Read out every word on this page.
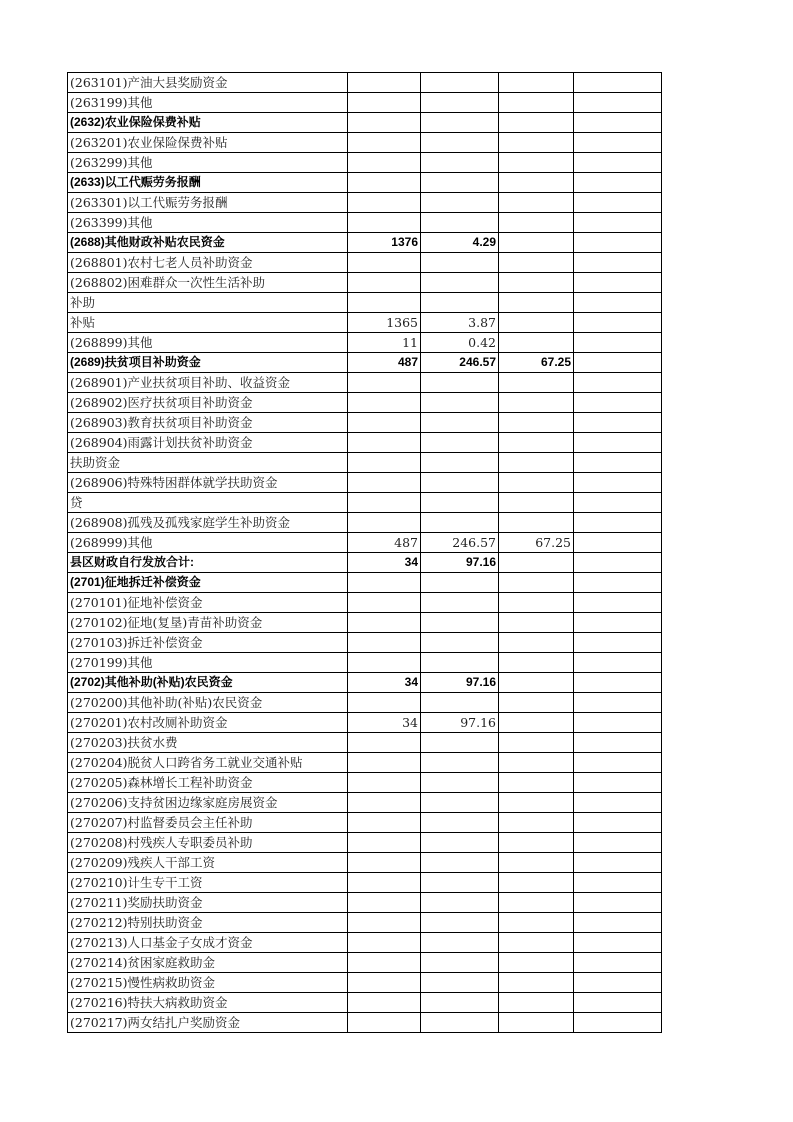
(263101)产油大县奖励资金				
(263199)其他				
(2632)农业保险保费补贴				
(263201)农业保险保费补贴				
(263299)其他				
(2633)以工代赈劳务报酬				
(263301)以工代赈劳务报酬				
(263399)其他				
(2688)其他财政补贴农民资金	1376	4.29		
(268801)农村七老人员补助资金				
(268802)困难群众一次性生活补助				
补助				
补贴	1365	3.87		
(268899)其他	11	0.42		
(2689)扶贫项目补助资金	487	246.57	67.25	
(268901)产业扶贫项目补助、收益资金				
(268902)医疗扶贫项目补助资金				
(268903)教育扶贫项目补助资金				
(268904)雨露计划扶贫补助资金				
扶助资金				
(268906)特殊特困群体就学扶助资金				
贷				
(268908)孤残及孤残家庭学生补助资金				
(268999)其他	487	246.57	67.25	
县区财政自行发放合计:	34	97.16		
(2701)征地拆迁补偿资金				
(270101)征地补偿资金				
(270102)征地(复垦)青苗补助资金				
(270103)拆迁补偿资金				
(270199)其他				
(2702)其他补助(补贴)农民资金	34	97.16		
(270200)其他补助(补贴)农民资金				
(270201)农村改厕补助资金	34	97.16		
(270203)扶贫水费				
(270204)脱贫人口跨省务工就业交通补贴				
(270205)森林增长工程补助资金				
(270206)支持贫困边缘家庭房展资金				
(270207)村监督委员会主任补助				
(270208)村残疾人专职委员补助				
(270209)残疾人干部工资				
(270210)计生专干工资				
(270211)奖励扶助资金				
(270212)特别扶助资金				
(270213)人口基金子女成才资金				
(270214)贫困家庭救助金				
(270215)慢性病救助资金				
(270216)特扶大病救助资金				
(270217)两女结扎户奖励资金				
